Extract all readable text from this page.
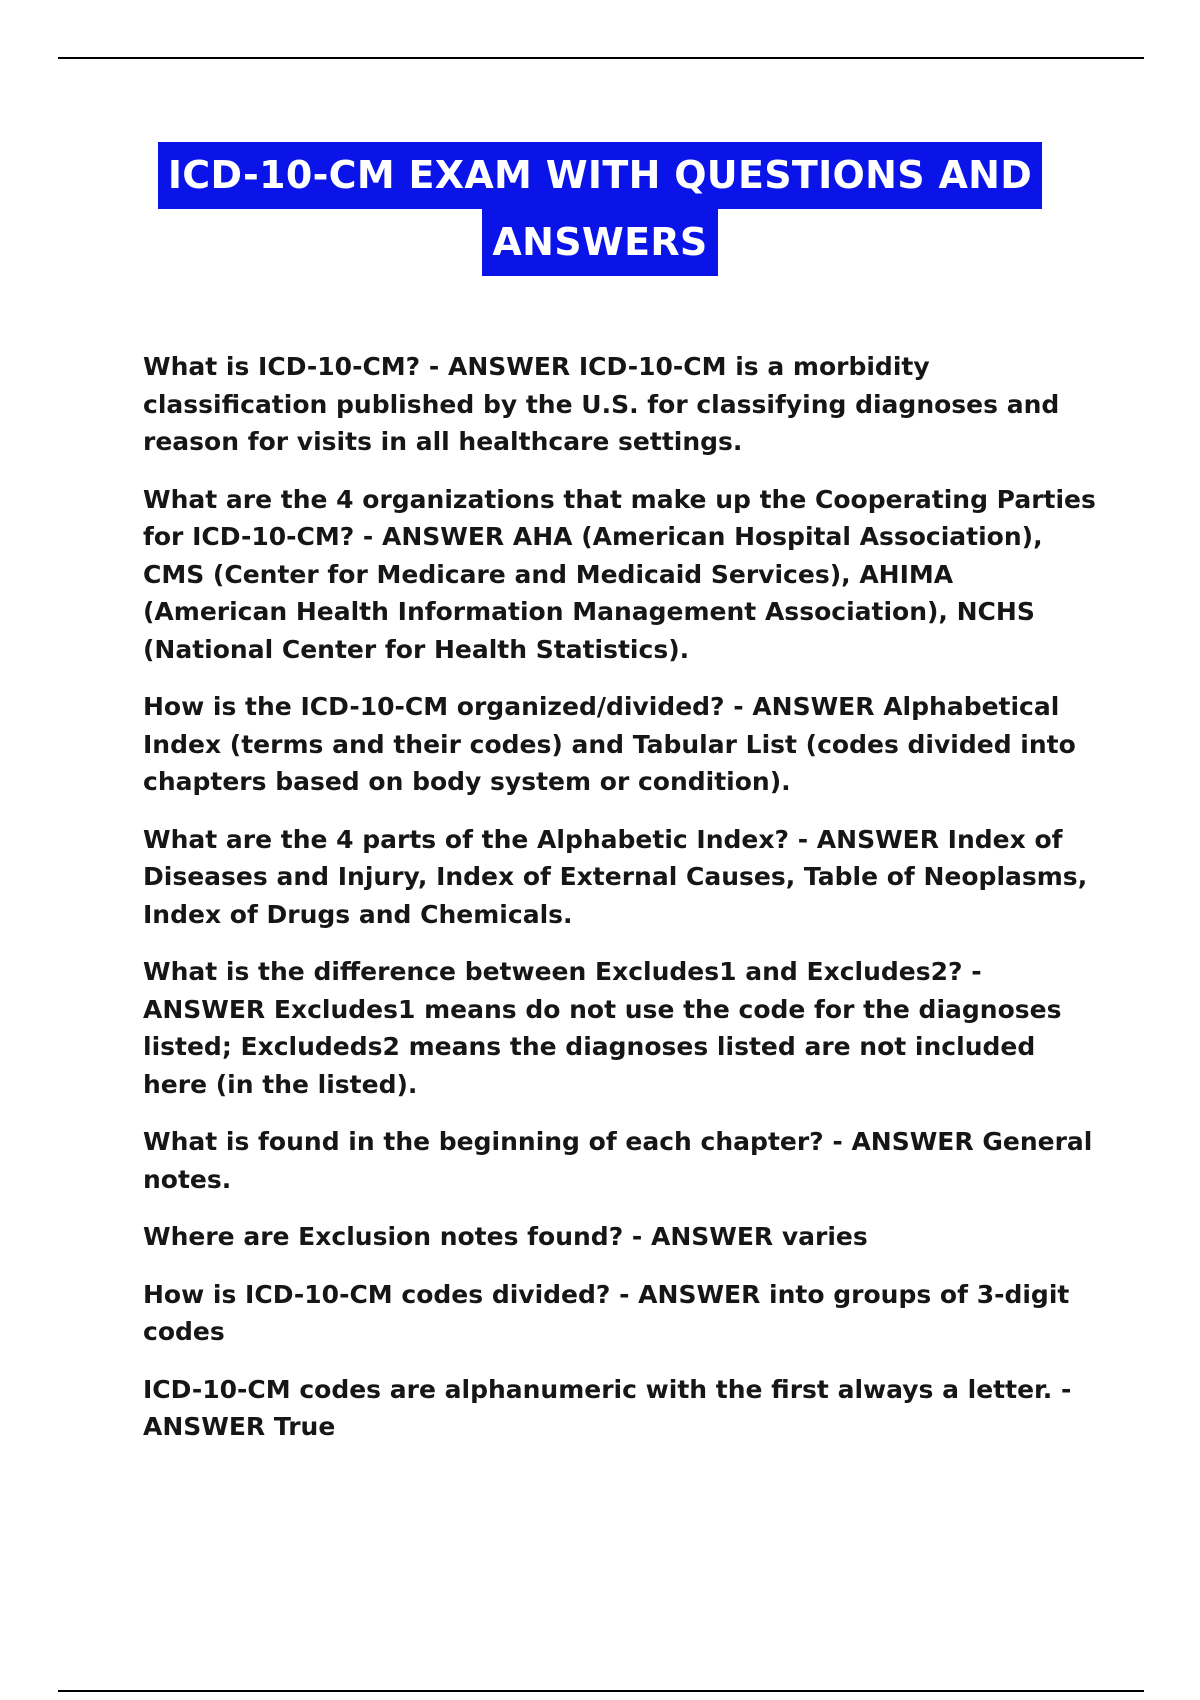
ICD-10-CM EXAM WITH QUESTIONS AND
ANSWERS

What is ICD-10-CM? - ANSWER ICD-10-CM is a morbidity classification published by the U.S. for classifying diagnoses and reason for visits in all healthcare settings.

What are the 4 organizations that make up the Cooperating Parties for ICD-10-CM? - ANSWER AHA (American Hospital Association), CMS (Center for Medicare and Medicaid Services), AHIMA (American Health Information Management Association), NCHS (National Center for Health Statistics).

How is the ICD-10-CM organized/divided? - ANSWER Alphabetical Index (terms and their codes) and Tabular List (codes divided into chapters based on body system or condition).

What are the 4 parts of the Alphabetic Index? - ANSWER Index of Diseases and Injury, Index of External Causes, Table of Neoplasms, Index of Drugs and Chemicals.

What is the difference between Excludes1 and Excludes2? - ANSWER Excludes1 means do not use the code for the diagnoses listed; Excludeds2 means the diagnoses listed are not included here (in the listed).

What is found in the beginning of each chapter? - ANSWER General notes.

Where are Exclusion notes found? - ANSWER varies

How is ICD-10-CM codes divided? - ANSWER into groups of 3-digit codes

ICD-10-CM codes are alphanumeric with the first always a letter. - ANSWER True
